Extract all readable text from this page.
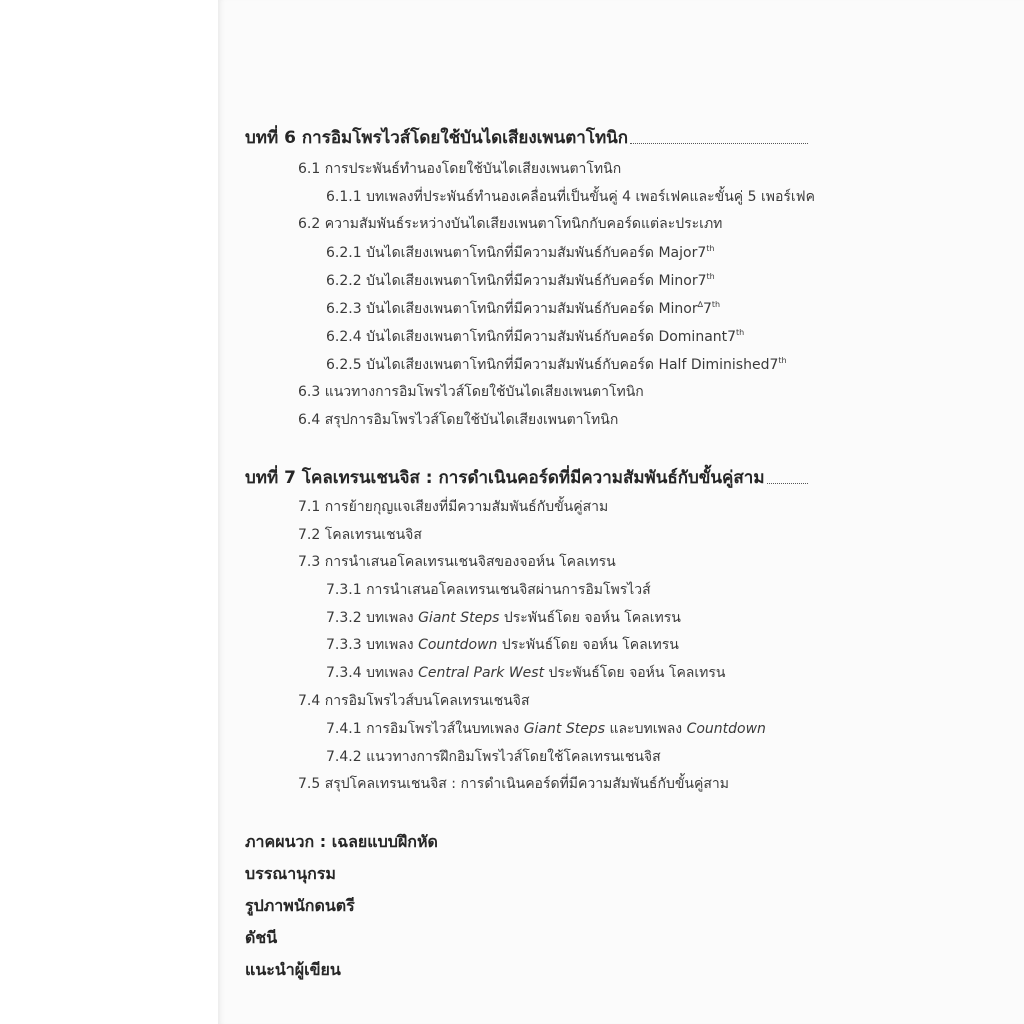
บทที่ 6 การอิมโพรไวส์โดยใช้บันไดเสียงเพนตาโทนิก
6.1 การประพันธ์ทำนองโดยใช้บันไดเสียงเพนตาโทนิก
6.1.1 บทเพลงที่ประพันธ์ทำนองเคลื่อนที่เป็นขั้นคู่ 4 เพอร์เฟคและขั้นคู่ 5 เพอร์เฟค
6.2 ความสัมพันธ์ระหว่างบันไดเสียงเพนตาโทนิกกับคอร์ดแต่ละประเภท
6.2.1 บันไดเสียงเพนตาโทนิกที่มีความสัมพันธ์กับคอร์ด Major7th
6.2.2 บันไดเสียงเพนตาโทนิกที่มีความสัมพันธ์กับคอร์ด Minor7th
6.2.3 บันไดเสียงเพนตาโทนิกที่มีความสัมพันธ์กับคอร์ด Minor∆7th
6.2.4 บันไดเสียงเพนตาโทนิกที่มีความสัมพันธ์กับคอร์ด Dominant7th
6.2.5 บันไดเสียงเพนตาโทนิกที่มีความสัมพันธ์กับคอร์ด Half Diminished7th
6.3 แนวทางการอิมโพรไวส์โดยใช้บันไดเสียงเพนตาโทนิก
6.4 สรุปการอิมโพรไวส์โดยใช้บันไดเสียงเพนตาโทนิก
บทที่ 7 โคลเทรนเชนจิส : การดำเนินคอร์ดที่มีความสัมพันธ์กับขั้นคู่สาม
7.1 การย้ายกุญแจเสียงที่มีความสัมพันธ์กับขั้นคู่สาม
7.2 โคลเทรนเชนจิส
7.3 การนำเสนอโคลเทรนเชนจิสของจอห์น โคลเทรน
7.3.1 การนำเสนอโคลเทรนเชนจิสผ่านการอิมโพรไวส์
7.3.2 บทเพลง Giant Steps ประพันธ์โดย จอห์น โคลเทรน
7.3.3 บทเพลง Countdown ประพันธ์โดย จอห์น โคลเทรน
7.3.4 บทเพลง Central Park West ประพันธ์โดย จอห์น โคลเทรน
7.4 การอิมโพรไวส์บนโคลเทรนเชนจิส
7.4.1 การอิมโพรไวส์ในบทเพลง Giant Steps และบทเพลง Countdown
7.4.2 แนวทางการฝึกอิมโพรไวส์โดยใช้โคลเทรนเชนจิส
7.5 สรุปโคลเทรนเชนจิส : การดำเนินคอร์ดที่มีความสัมพันธ์กับขั้นคู่สาม
ภาคผนวก : เฉลยแบบฝึกหัด
บรรณานุกรม
รูปภาพนักดนตรี
ดัชนี
แนะนำผู้เขียน
